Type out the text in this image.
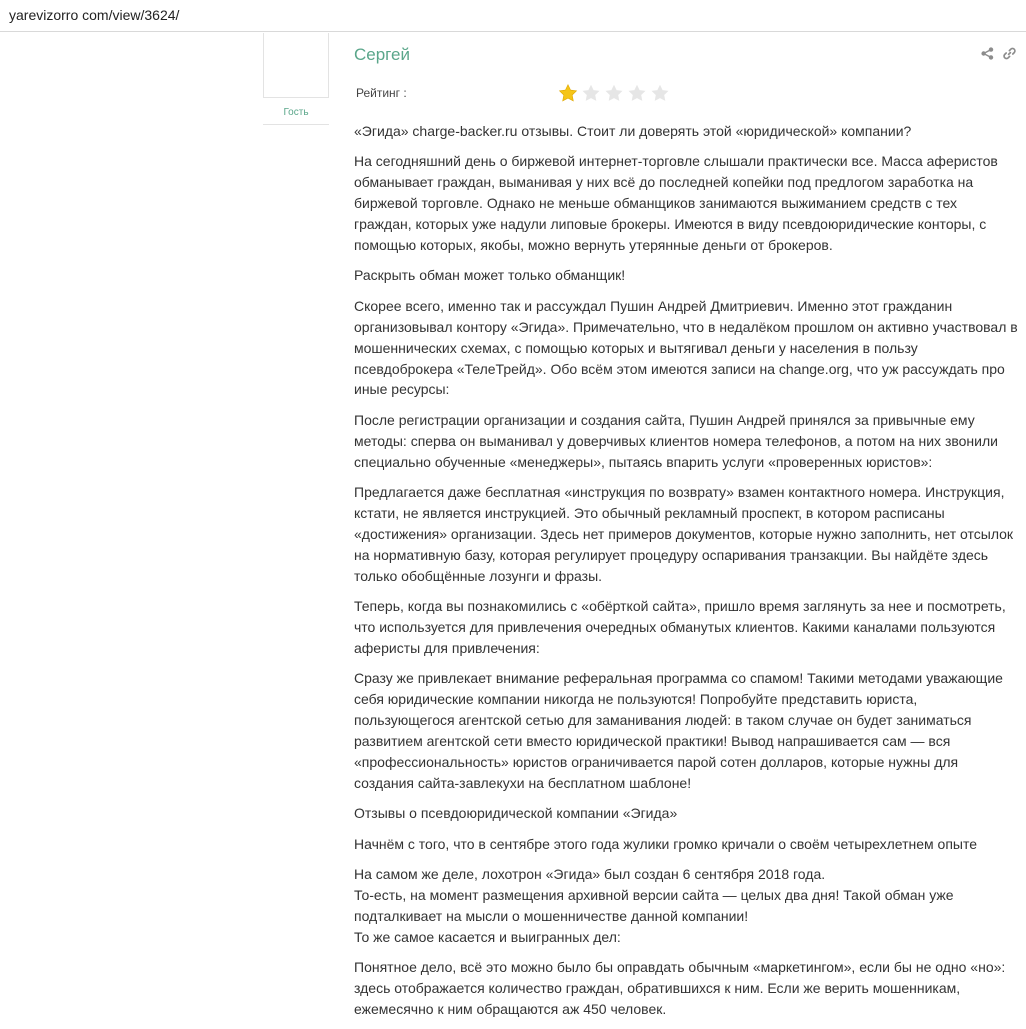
yarevizorro com/view/3624/
Гость
Сергей
Рейтинг :

«Эгида» charge-backer.ru отзывы. Стоит ли доверять этой «юридической» компании?

На сегодняшний день о биржевой интернет-торговле слышали практически все. Масса аферистов обманывает граждан, выманивая у них всё до последней копейки под предлогом заработка на биржевой торговле. Однако не меньше обманщиков занимаются выжиманием средств с тех граждан, которых уже надули липовые брокеры. Имеются в виду псевдоюридические конторы, с помощью которых, якобы, можно вернуть утерянные деньги от брокеров.

Раскрыть обман может только обманщик!

Скорее всего, именно так и рассуждал Пушин Андрей Дмитриевич. Именно этот гражданин организовывал контору «Эгида». Примечательно, что в недалёком прошлом он активно участвовал в мошеннических схемах, с помощью которых и вытягивал деньги у населения в пользу псевдоброкера «ТелеТрейд». Обо всём этом имеются записи на change.org, что уж рассуждать про иные ресурсы:

После регистрации организации и создания сайта, Пушин Андрей принялся за привычные ему методы: сперва он выманивал у доверчивых клиентов номера телефонов, а потом на них звонили специально обученные «менеджеры», пытаясь впарить услуги «проверенных юристов»:

Предлагается даже бесплатная «инструкция по возврату» взамен контактного номера. Инструкция, кстати, не является инструкцией. Это обычный рекламный проспект, в котором расписаны «достижения» организации. Здесь нет примеров документов, которые нужно заполнить, нет отсылок на нормативную базу, которая регулирует процедуру оспаривания транзакции. Вы найдёте здесь только обобщённые лозунги и фразы.

Теперь, когда вы познакомились с «обёрткой сайта», пришло время заглянуть за нее и посмотреть, что используется для привлечения очередных обманутых клиентов. Какими каналами пользуются аферисты для привлечения:

Сразу же привлекает внимание реферальная программа со спамом! Такими методами уважающие себя юридические компании никогда не пользуются! Попробуйте представить юриста, пользующегося агентской сетью для заманивания людей: в таком случае он будет заниматься развитием агентской сети вместо юридической практики! Вывод напрашивается сам — вся «профессиональность» юристов ограничивается парой сотен долларов, которые нужны для создания сайта-завлекухи на бесплатном шаблоне!

Отзывы о псевдоюридической компании «Эгида»

Начнём с того, что в сентябре этого года жулики громко кричали о своём четырехлетнем опыте

На самом же деле, лохотрон «Эгида» был создан 6 сентября 2018 года.
То-есть, на момент размещения архивной версии сайта — целых два дня! Такой обман уже подталкивает на мысли о мошенничестве данной компании!
То же самое касается и выигранных дел:

Понятное дело, всё это можно было бы оправдать обычным «маркетингом», если бы не одно «но»: здесь отображается количество граждан, обратившихся к ним. Если же верить мошенникам, ежемесячно к ним обращаются аж 450 человек.
